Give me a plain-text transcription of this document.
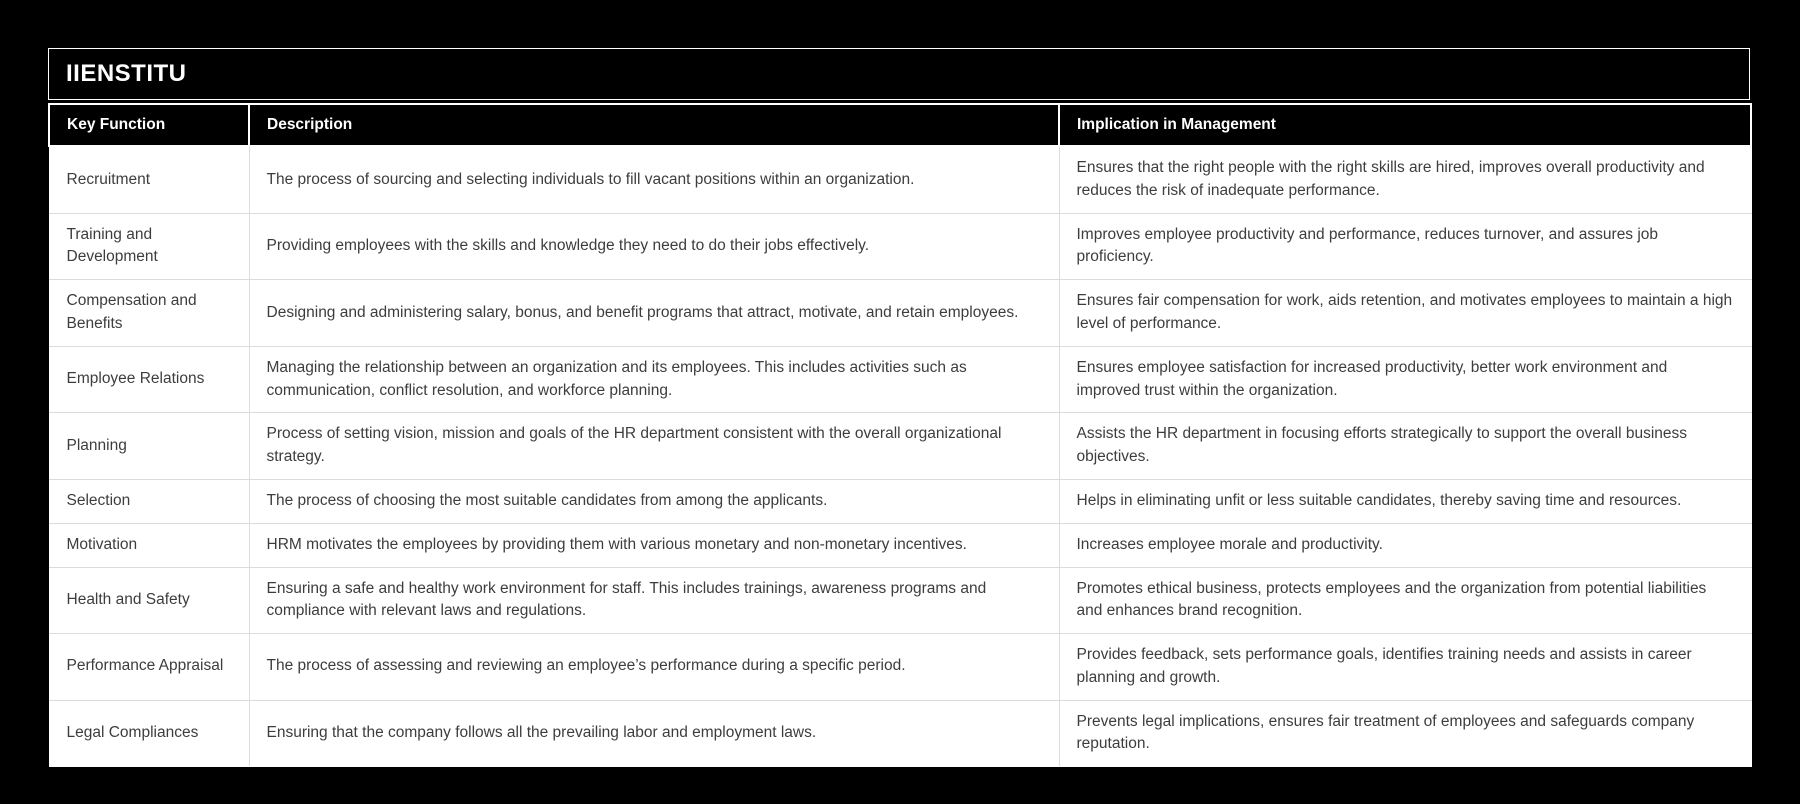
IIENSTITU
Key Function	Description	Implication in Management
Recruitment	The process of sourcing and selecting individuals to fill vacant positions within an organization.	Ensures that the right people with the right skills are hired, improves overall productivity and reduces the risk of inadequate performance.
Training and Development	Providing employees with the skills and knowledge they need to do their jobs effectively.	Improves employee productivity and performance, reduces turnover, and assures job proficiency.
Compensation and Benefits	Designing and administering salary, bonus, and benefit programs that attract, motivate, and retain employees.	Ensures fair compensation for work, aids retention, and motivates employees to maintain a high level of performance.
Employee Relations	Managing the relationship between an organization and its employees. This includes activities such as communication, conflict resolution, and workforce planning.	Ensures employee satisfaction for increased productivity, better work environment and improved trust within the organization.
Planning	Process of setting vision, mission and goals of the HR department consistent with the overall organizational strategy.	Assists the HR department in focusing efforts strategically to support the overall business objectives.
Selection	The process of choosing the most suitable candidates from among the applicants.	Helps in eliminating unfit or less suitable candidates, thereby saving time and resources.
Motivation	HRM motivates the employees by providing them with various monetary and non-monetary incentives.	Increases employee morale and productivity.
Health and Safety	Ensuring a safe and healthy work environment for staff. This includes trainings, awareness programs and compliance with relevant laws and regulations.	Promotes ethical business, protects employees and the organization from potential liabilities and enhances brand recognition.
Performance Appraisal	The process of assessing and reviewing an employee’s performance during a specific period.	Provides feedback, sets performance goals, identifies training needs and assists in career planning and growth.
Legal Compliances	Ensuring that the company follows all the prevailing labor and employment laws.	Prevents legal implications, ensures fair treatment of employees and safeguards company reputation.
